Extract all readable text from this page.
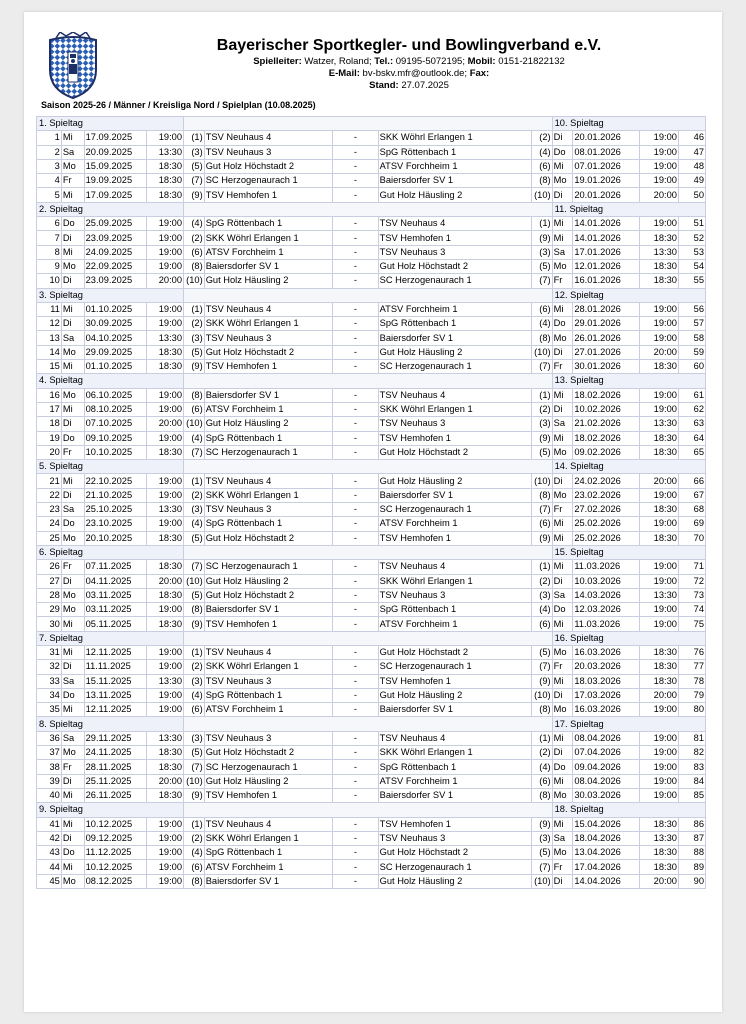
Bayerischer Sportkegler- und Bowlingverband e.V.
Spielleiter: Watzer, Roland; Tel.: 09195-5072195; Mobil: 0151-21822132
E-Mail: bv-bskv.mfr@outlook.de; Fax:
Stand: 27.07.2025
Saison 2025-26 / Männer / Kreisliga Nord / Spielplan (10.08.2025)
1. Spieltag									10. Spieltag			
1	Mi	17.09.2025	19:00	(1)	TSV Neuhaus 4	-	SKK Wöhrl Erlangen 1	(2)	Di	20.01.2026	19:00	46
2	Sa	20.09.2025	13:30	(3)	TSV Neuhaus 3	-	SpG Röttenbach 1	(4)	Do	08.01.2026	19:00	47
3	Mo	15.09.2025	18:30	(5)	Gut Holz Höchstadt 2	-	ATSV Forchheim 1	(6)	Mi	07.01.2026	19:00	48
4	Fr	19.09.2025	18:30	(7)	SC Herzogenaurach 1	-	Baiersdorfer SV 1	(8)	Mo	19.01.2026	19:00	49
5	Mi	17.09.2025	18:30	(9)	TSV Hemhofen 1	-	Gut Holz Häusling 2	(10)	Di	20.01.2026	20:00	50
2. Spieltag									11. Spieltag			
6	Do	25.09.2025	19:00	(4)	SpG Röttenbach 1	-	TSV Neuhaus 4	(1)	Mi	14.01.2026	19:00	51
7	Di	23.09.2025	19:00	(2)	SKK Wöhrl Erlangen 1	-	TSV Hemhofen 1	(9)	Mi	14.01.2026	18:30	52
8	Mi	24.09.2025	19:00	(6)	ATSV Forchheim 1	-	TSV Neuhaus 3	(3)	Sa	17.01.2026	13:30	53
9	Mo	22.09.2025	19:00	(8)	Baiersdorfer SV 1	-	Gut Holz Höchstadt 2	(5)	Mo	12.01.2026	18:30	54
10	Di	23.09.2025	20:00	(10)	Gut Holz Häusling 2	-	SC Herzogenaurach 1	(7)	Fr	16.01.2026	18:30	55
3. Spieltag									12. Spieltag			
11	Mi	01.10.2025	19:00	(1)	TSV Neuhaus 4	-	ATSV Forchheim 1	(6)	Mi	28.01.2026	19:00	56
12	Di	30.09.2025	19:00	(2)	SKK Wöhrl Erlangen 1	-	SpG Röttenbach 1	(4)	Do	29.01.2026	19:00	57
13	Sa	04.10.2025	13:30	(3)	TSV Neuhaus 3	-	Baiersdorfer SV 1	(8)	Mo	26.01.2026	19:00	58
14	Mo	29.09.2025	18:30	(5)	Gut Holz Höchstadt 2	-	Gut Holz Häusling 2	(10)	Di	27.01.2026	20:00	59
15	Mi	01.10.2025	18:30	(9)	TSV Hemhofen 1	-	SC Herzogenaurach 1	(7)	Fr	30.01.2026	18:30	60
4. Spieltag									13. Spieltag			
16	Mo	06.10.2025	19:00	(8)	Baiersdorfer SV 1	-	TSV Neuhaus 4	(1)	Mi	18.02.2026	19:00	61
17	Mi	08.10.2025	19:00	(6)	ATSV Forchheim 1	-	SKK Wöhrl Erlangen 1	(2)	Di	10.02.2026	19:00	62
18	Di	07.10.2025	20:00	(10)	Gut Holz Häusling 2	-	TSV Neuhaus 3	(3)	Sa	21.02.2026	13:30	63
19	Do	09.10.2025	19:00	(4)	SpG Röttenbach 1	-	TSV Hemhofen 1	(9)	Mi	18.02.2026	18:30	64
20	Fr	10.10.2025	18:30	(7)	SC Herzogenaurach 1	-	Gut Holz Höchstadt 2	(5)	Mo	09.02.2026	18:30	65
5. Spieltag									14. Spieltag			
21	Mi	22.10.2025	19:00	(1)	TSV Neuhaus 4	-	Gut Holz Häusling 2	(10)	Di	24.02.2026	20:00	66
22	Di	21.10.2025	19:00	(2)	SKK Wöhrl Erlangen 1	-	Baiersdorfer SV 1	(8)	Mo	23.02.2026	19:00	67
23	Sa	25.10.2025	13:30	(3)	TSV Neuhaus 3	-	SC Herzogenaurach 1	(7)	Fr	27.02.2026	18:30	68
24	Do	23.10.2025	19:00	(4)	SpG Röttenbach 1	-	ATSV Forchheim 1	(6)	Mi	25.02.2026	19:00	69
25	Mo	20.10.2025	18:30	(5)	Gut Holz Höchstadt 2	-	TSV Hemhofen 1	(9)	Mi	25.02.2026	18:30	70
6. Spieltag									15. Spieltag			
26	Fr	07.11.2025	18:30	(7)	SC Herzogenaurach 1	-	TSV Neuhaus 4	(1)	Mi	11.03.2026	19:00	71
27	Di	04.11.2025	20:00	(10)	Gut Holz Häusling 2	-	SKK Wöhrl Erlangen 1	(2)	Di	10.03.2026	19:00	72
28	Mo	03.11.2025	18:30	(5)	Gut Holz Höchstadt 2	-	TSV Neuhaus 3	(3)	Sa	14.03.2026	13:30	73
29	Mo	03.11.2025	19:00	(8)	Baiersdorfer SV 1	-	SpG Röttenbach 1	(4)	Do	12.03.2026	19:00	74
30	Mi	05.11.2025	18:30	(9)	TSV Hemhofen 1	-	ATSV Forchheim 1	(6)	Mi	11.03.2026	19:00	75
7. Spieltag									16. Spieltag			
31	Mi	12.11.2025	19:00	(1)	TSV Neuhaus 4	-	Gut Holz Höchstadt 2	(5)	Mo	16.03.2026	18:30	76
32	Di	11.11.2025	19:00	(2)	SKK Wöhrl Erlangen 1	-	SC Herzogenaurach 1	(7)	Fr	20.03.2026	18:30	77
33	Sa	15.11.2025	13:30	(3)	TSV Neuhaus 3	-	TSV Hemhofen 1	(9)	Mi	18.03.2026	18:30	78
34	Do	13.11.2025	19:00	(4)	SpG Röttenbach 1	-	Gut Holz Häusling 2	(10)	Di	17.03.2026	20:00	79
35	Mi	12.11.2025	19:00	(6)	ATSV Forchheim 1	-	Baiersdorfer SV 1	(8)	Mo	16.03.2026	19:00	80
8. Spieltag									17. Spieltag			
36	Sa	29.11.2025	13:30	(3)	TSV Neuhaus 3	-	TSV Neuhaus 4	(1)	Mi	08.04.2026	19:00	81
37	Mo	24.11.2025	18:30	(5)	Gut Holz Höchstadt 2	-	SKK Wöhrl Erlangen 1	(2)	Di	07.04.2026	19:00	82
38	Fr	28.11.2025	18:30	(7)	SC Herzogenaurach 1	-	SpG Röttenbach 1	(4)	Do	09.04.2026	19:00	83
39	Di	25.11.2025	20:00	(10)	Gut Holz Häusling 2	-	ATSV Forchheim 1	(6)	Mi	08.04.2026	19:00	84
40	Mi	26.11.2025	18:30	(9)	TSV Hemhofen 1	-	Baiersdorfer SV 1	(8)	Mo	30.03.2026	19:00	85
9. Spieltag									18. Spieltag			
41	Mi	10.12.2025	19:00	(1)	TSV Neuhaus 4	-	TSV Hemhofen 1	(9)	Mi	15.04.2026	18:30	86
42	Di	09.12.2025	19:00	(2)	SKK Wöhrl Erlangen 1	-	TSV Neuhaus 3	(3)	Sa	18.04.2026	13:30	87
43	Do	11.12.2025	19:00	(4)	SpG Röttenbach 1	-	Gut Holz Höchstadt 2	(5)	Mo	13.04.2026	18:30	88
44	Mi	10.12.2025	19:00	(6)	ATSV Forchheim 1	-	SC Herzogenaurach 1	(7)	Fr	17.04.2026	18:30	89
45	Mo	08.12.2025	19:00	(8)	Baiersdorfer SV 1	-	Gut Holz Häusling 2	(10)	Di	14.04.2026	20:00	90
